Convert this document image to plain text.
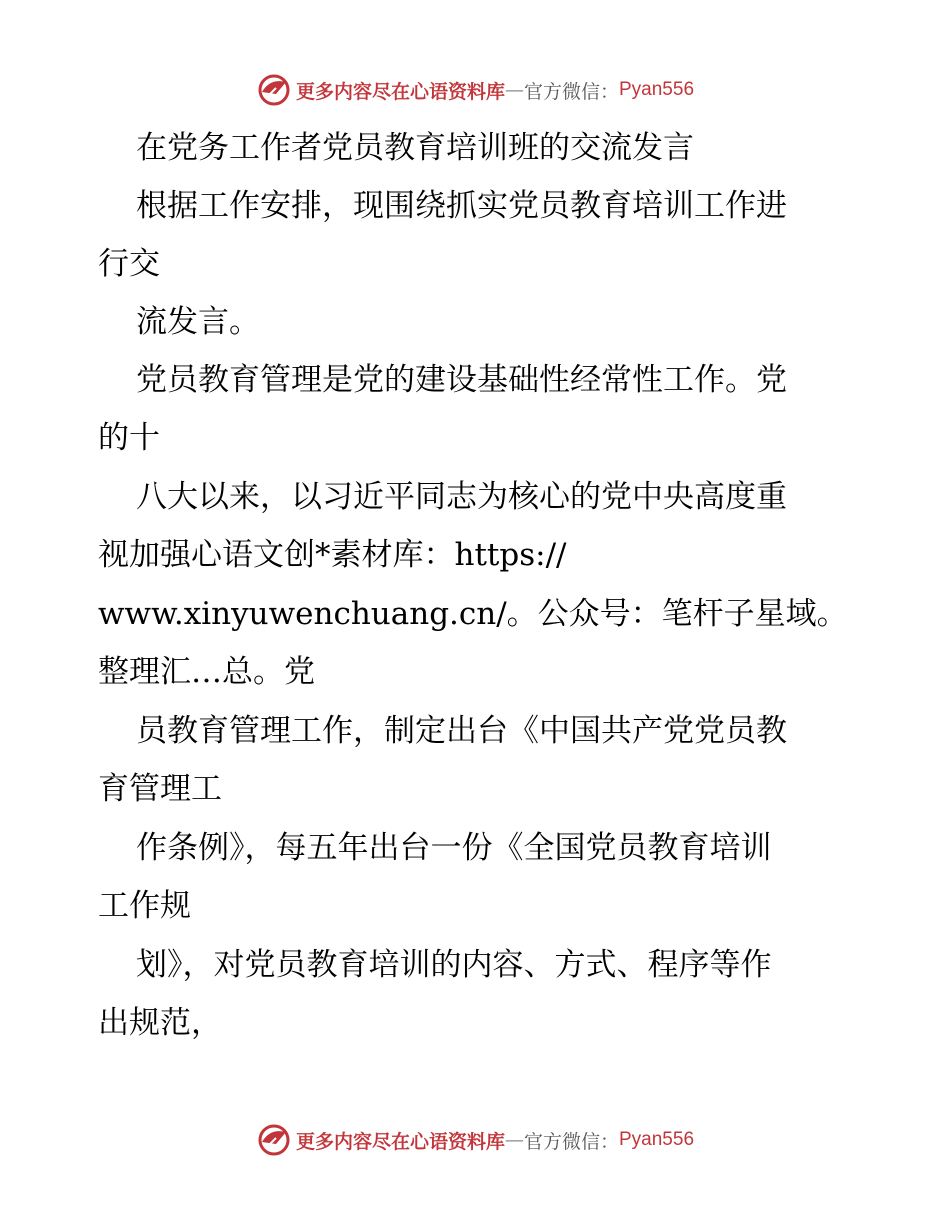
更多内容尽在心语资料库 — 官方微信： Pyan556
在党务工作者党员教育培训班的交流发言
根据工作安排，现围绕抓实党员教育培训工作进
行交
流发言。
党员教育管理是党的建设基础性经常性工作。党
的十
八大以来，以习近平同志为核心的党中央高度重
视加强心语文创*素材库：https://
www.xinyuwenchuang.cn/。公众号：笔杆子星域。
整理汇…总。党
员教育管理工作，制定出台《中国共产党党员教
育管理工
作条例》，每五年出台一份《全国党员教育培训
工作规
划》，对党员教育培训的内容、方式、程序等作
出规范，
更多内容尽在心语资料库 — 官方微信： Pyan556
